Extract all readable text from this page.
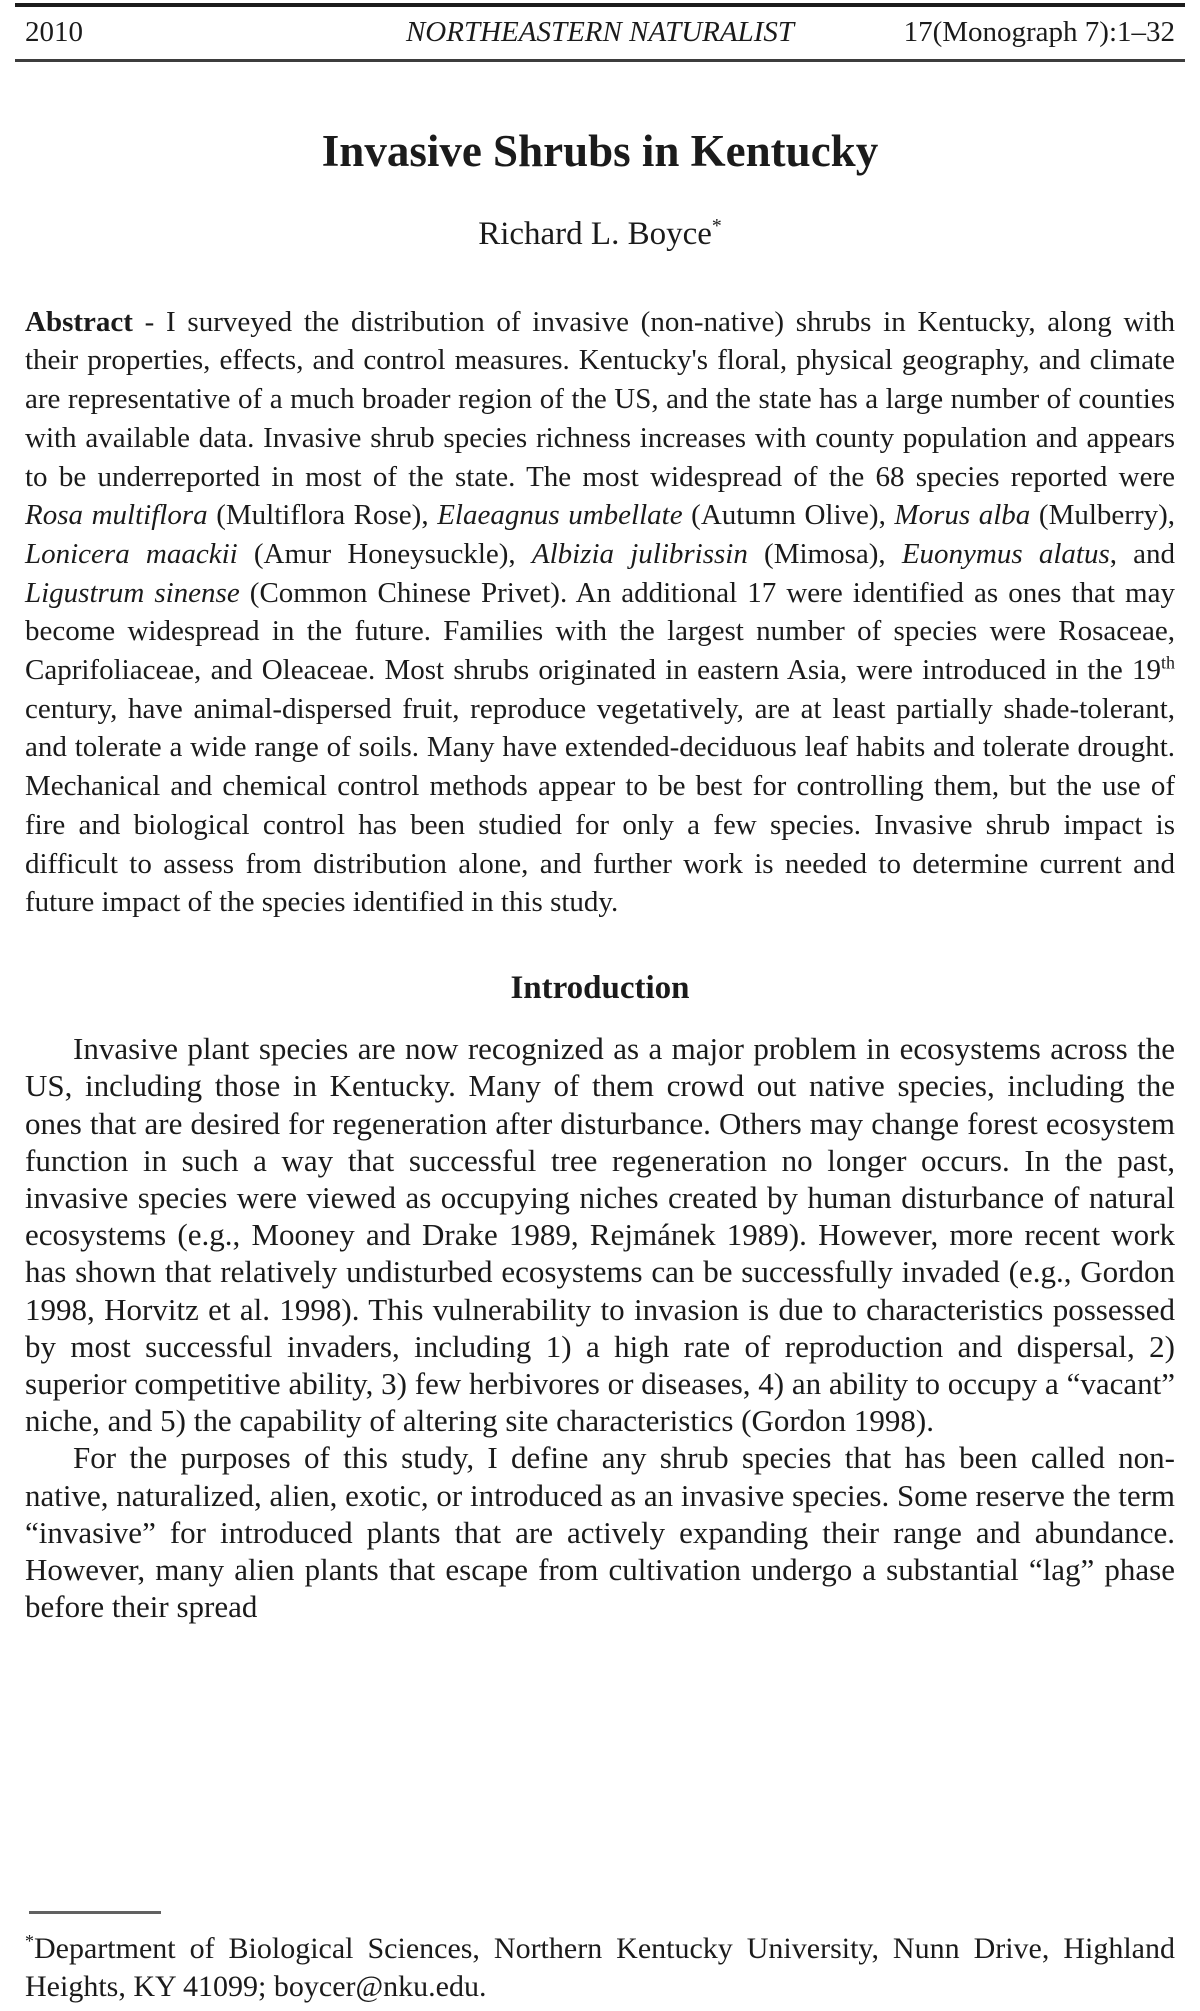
2010	NORTHEASTERN NATURALIST	17(Monograph 7):1–32
Invasive Shrubs in Kentucky
Richard L. Boyce*

Abstract - I surveyed the distribution of invasive (non-native) shrubs in Kentucky, along with their properties, effects, and control measures. Kentucky's floral, physical geography, and climate are representative of a much broader region of the US, and the state has a large number of counties with available data. Invasive shrub species richness increases with county population and appears to be underreported in most of the state. The most widespread of the 68 species reported were Rosa multiflora (Multiflora Rose), Elaeagnus umbellate (Autumn Olive), Morus alba (Mulberry), Lonicera maackii (Amur Honeysuckle), Albizia julibrissin (Mimosa), Euonymus alatus, and Ligustrum sinense (Common Chinese Privet). An additional 17 were identified as ones that may become widespread in the future. Families with the largest number of species were Rosaceae, Caprifoliaceae, and Oleaceae. Most shrubs originated in eastern Asia, were introduced in the 19th century, have animal-dispersed fruit, reproduce vegetatively, are at least partially shade-tolerant, and tolerate a wide range of soils. Many have extended-deciduous leaf habits and tolerate drought. Mechanical and chemical control methods appear to be best for controlling them, but the use of fire and biological control has been studied for only a few species. Invasive shrub impact is difficult to assess from distribution alone, and further work is needed to determine current and future impact of the species identified in this study.

Introduction

Invasive plant species are now recognized as a major problem in ecosystems across the US, including those in Kentucky. Many of them crowd out native species, including the ones that are desired for regeneration after disturbance. Others may change forest ecosystem function in such a way that successful tree regeneration no longer occurs. In the past, invasive species were viewed as occupying niches created by human disturbance of natural ecosystems (e.g., Mooney and Drake 1989, Rejmánek 1989). However, more recent work has shown that relatively undisturbed ecosystems can be successfully invaded (e.g., Gordon 1998, Horvitz et al. 1998). This vulnerability to invasion is due to characteristics possessed by most successful invaders, including 1) a high rate of reproduction and dispersal, 2) superior competitive ability, 3) few herbivores or diseases, 4) an ability to occupy a “vacant” niche, and 5) the capability of altering site characteristics (Gordon 1998).

For the purposes of this study, I define any shrub species that has been called non-native, naturalized, alien, exotic, or introduced as an invasive species. Some reserve the term “invasive” for introduced plants that are actively expanding their range and abundance. However, many alien plants that escape from cultivation undergo a substantial “lag” phase before their spread

*Department of Biological Sciences, Northern Kentucky University, Nunn Drive, Highland Heights, KY 41099; boycer@nku.edu.
